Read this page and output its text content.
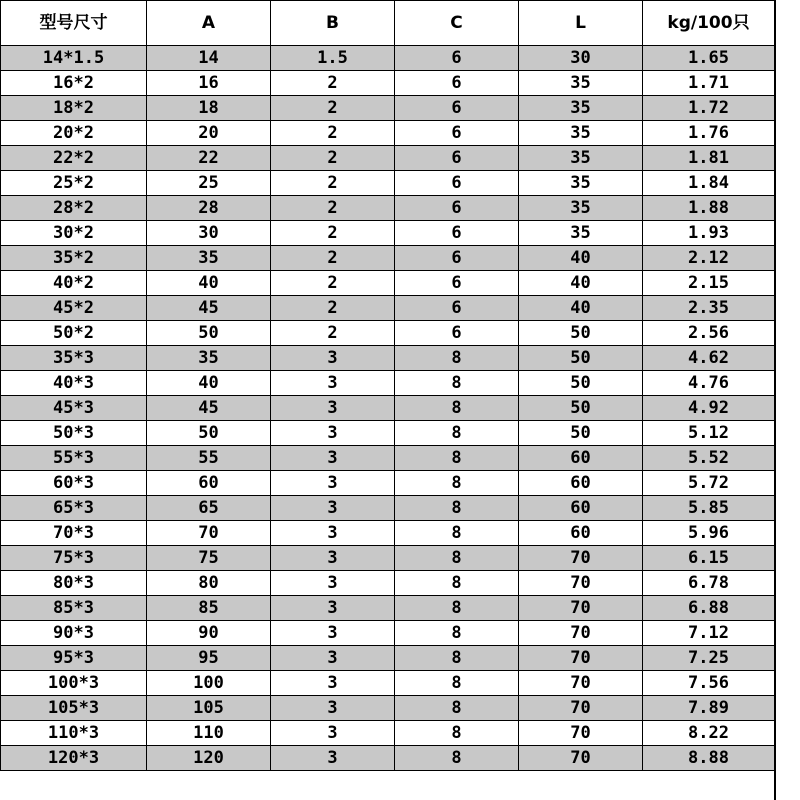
型号尺寸	A	B	C	L	kg/100只
14*1.5	14	1.5	6	30	1.65
16*2	16	2	6	35	1.71
18*2	18	2	6	35	1.72
20*2	20	2	6	35	1.76
22*2	22	2	6	35	1.81
25*2	25	2	6	35	1.84
28*2	28	2	6	35	1.88
30*2	30	2	6	35	1.93
35*2	35	2	6	40	2.12
40*2	40	2	6	40	2.15
45*2	45	2	6	40	2.35
50*2	50	2	6	50	2.56
35*3	35	3	8	50	4.62
40*3	40	3	8	50	4.76
45*3	45	3	8	50	4.92
50*3	50	3	8	50	5.12
55*3	55	3	8	60	5.52
60*3	60	3	8	60	5.72
65*3	65	3	8	60	5.85
70*3	70	3	8	60	5.96
75*3	75	3	8	70	6.15
80*3	80	3	8	70	6.78
85*3	85	3	8	70	6.88
90*3	90	3	8	70	7.12
95*3	95	3	8	70	7.25
100*3	100	3	8	70	7.56
105*3	105	3	8	70	7.89
110*3	110	3	8	70	8.22
120*3	120	3	8	70	8.88
